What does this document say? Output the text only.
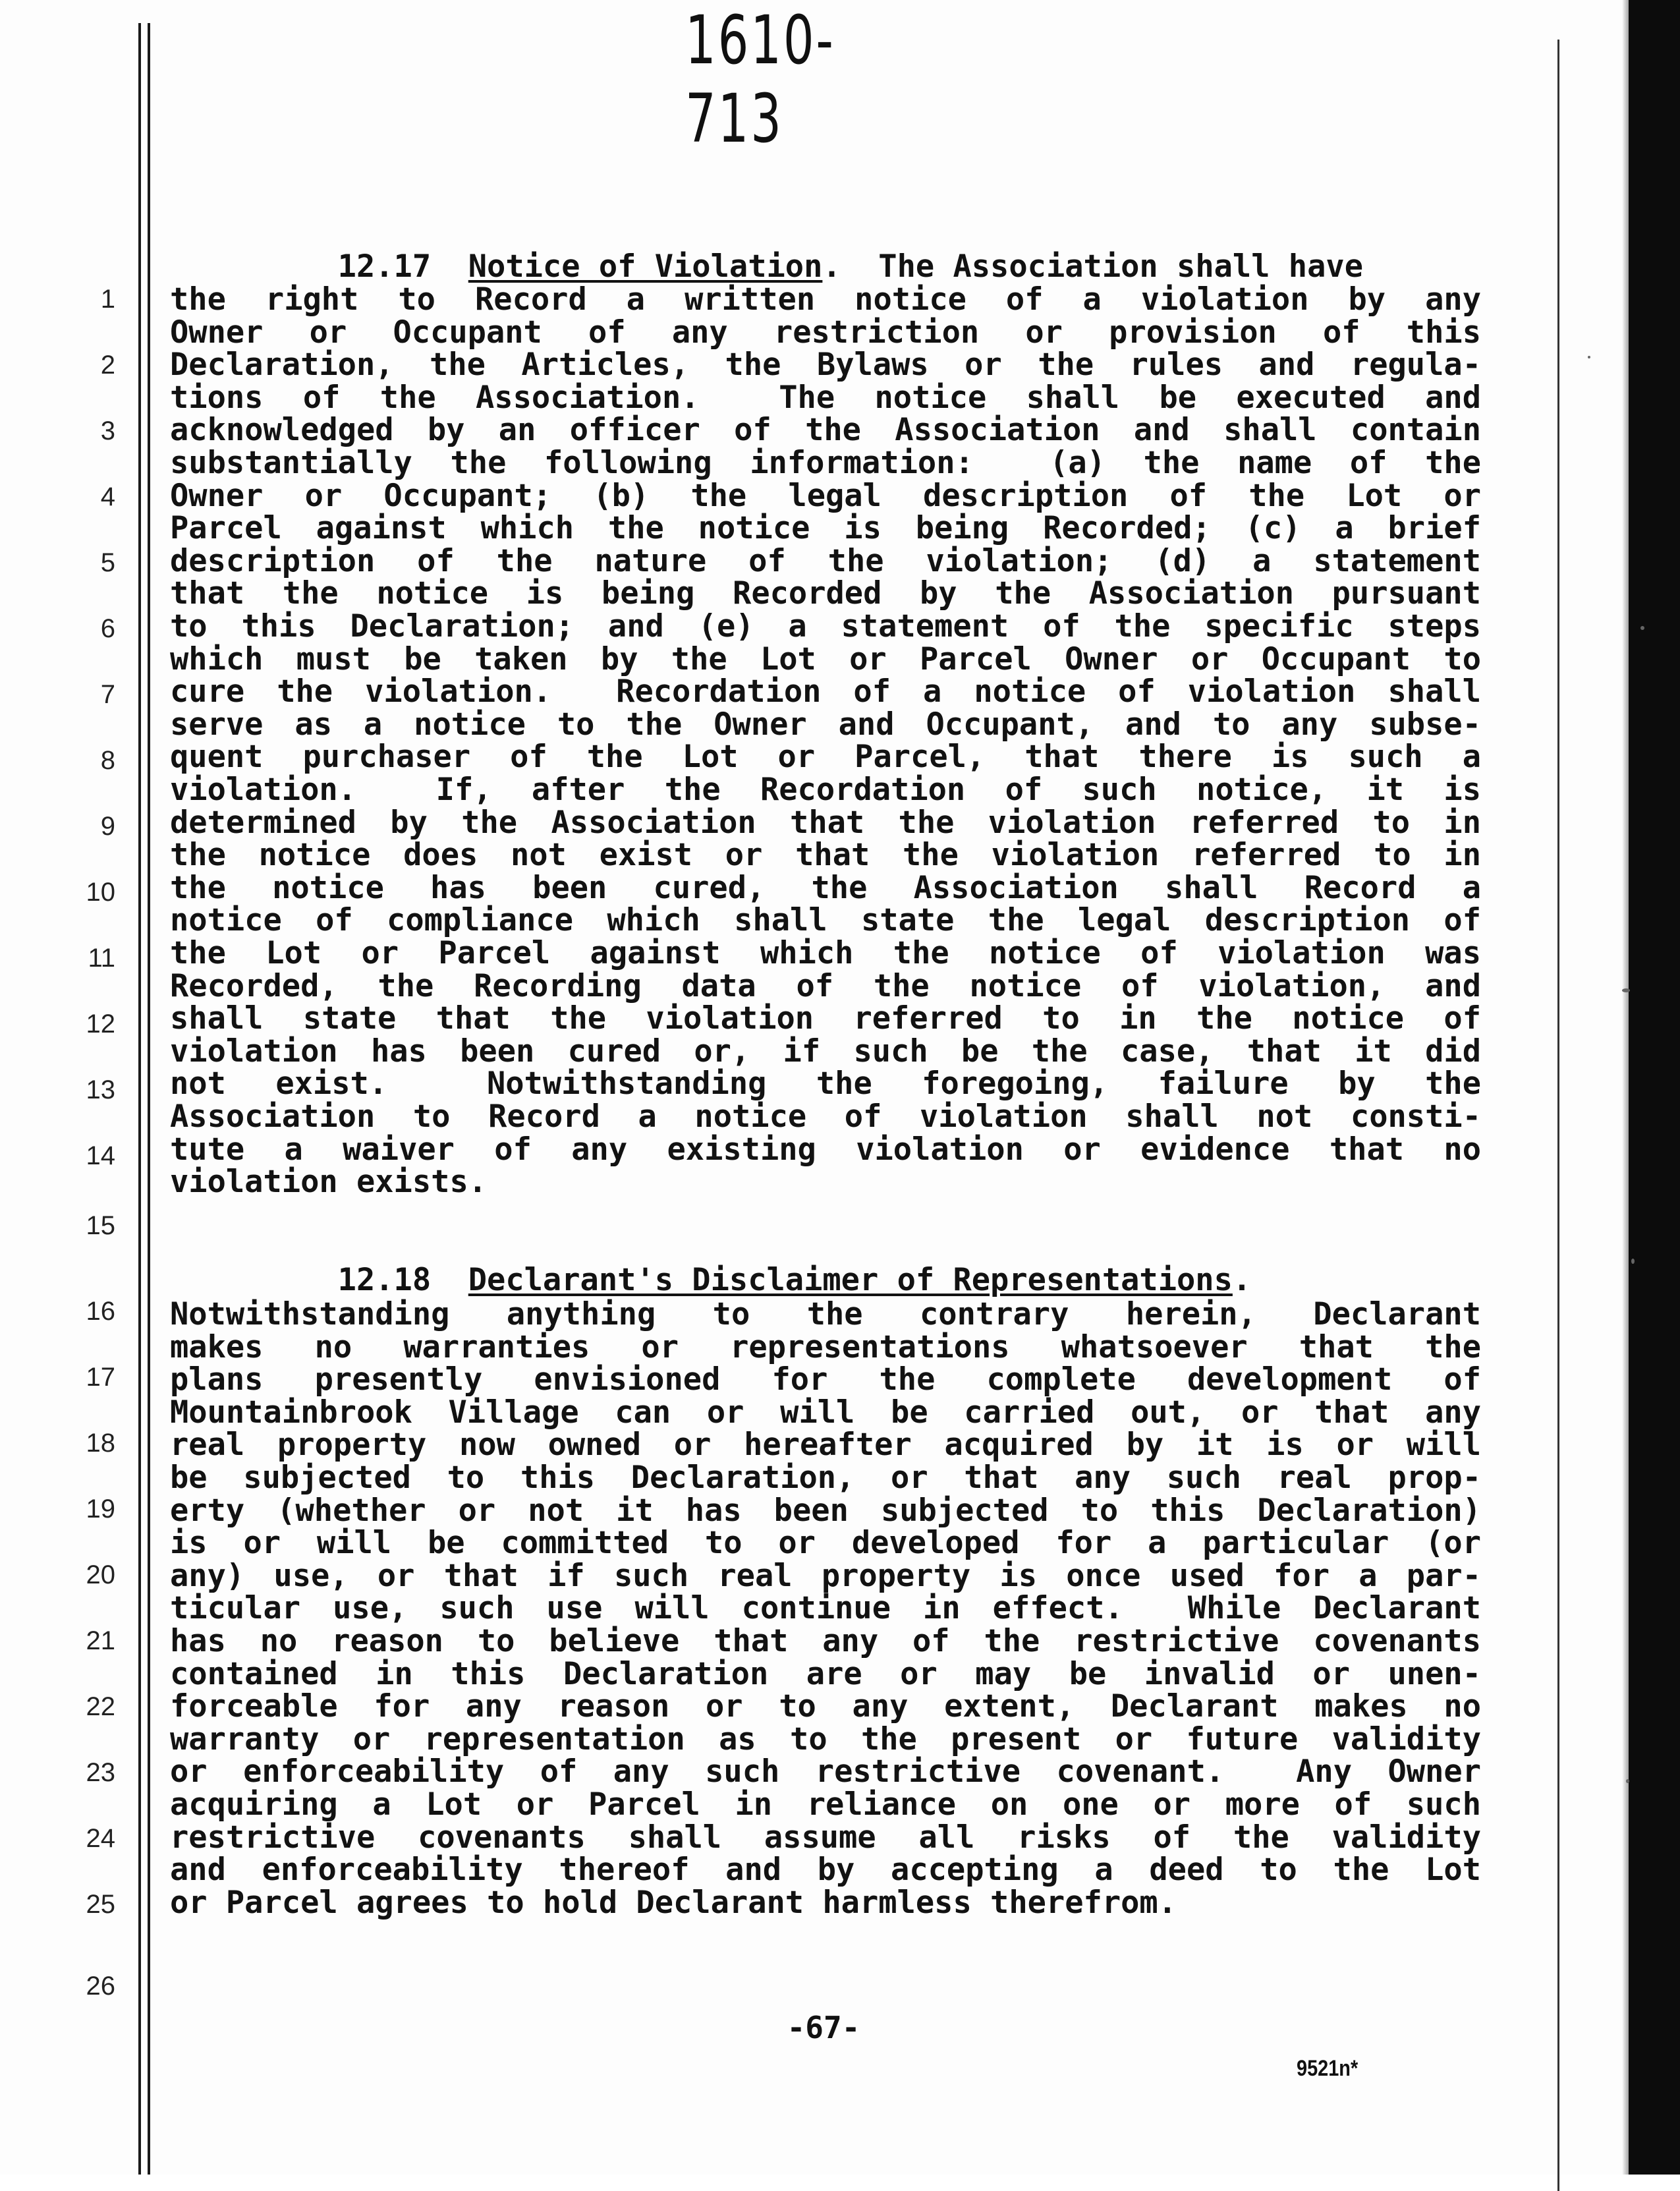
1610-713
1
2
3
4
5
6
7
8
9
10
11
12
13
14
15
16
17
18
19
20
21
22
23
24
25
26
12.17 Notice of Violation.  The Association shall have
the right to Record a written notice of a violation by any
Owner or Occupant of any restriction or provision of this
Declaration, the Articles, the Bylaws or the rules and regula-
tions of the Association.  The notice shall be executed and
acknowledged by an officer of the Association and shall contain
substantially the following information:  (a) the name of the
Owner or Occupant; (b) the legal description of the Lot or
Parcel against which the notice is being Recorded; (c) a brief
description of the nature of the violation; (d) a statement
that the notice is being Recorded by the Association pursuant
to this Declaration; and (e) a statement of the specific steps
which must be taken by the Lot or Parcel Owner or Occupant to
cure the violation.  Recordation of a notice of violation shall
serve as a notice to the Owner and Occupant, and to any subse-
quent purchaser of the Lot or Parcel, that there is such a
violation.  If, after the Recordation of such notice, it is
determined by the Association that the violation referred to in
the notice does not exist or that the violation referred to in
the notice has been cured, the Association shall Record a
notice of compliance which shall state the legal description of
the Lot or Parcel against which the notice of violation was
Recorded, the Recording data of the notice of violation, and
shall state that the violation referred to in the notice of
violation has been cured or, if such be the case, that it did
not exist.  Notwithstanding the foregoing, failure by the
Association to Record a notice of violation shall not consti-
tute a waiver of any existing violation or evidence that no
violation exists.
12.18 Declarant's Disclaimer of Representations.
Notwithstanding anything to the contrary herein, Declarant
makes no warranties or representations whatsoever that the
plans presently envisioned for the complete development of
Mountainbrook Village can or will be carried out, or that any
real property now owned or hereafter acquired by it is or will
be subjected to this Declaration, or that any such real prop-
erty (whether or not it has been subjected to this Declaration)
is or will be committed to or developed for a particular (or
any) use, or that if such real property is once used for a par-
ticular use, such use will continue in effect.  While Declarant
has no reason to believe that any of the restrictive covenants
contained in this Declaration are or may be invalid or unen-
forceable for any reason or to any extent, Declarant makes no
warranty or representation as to the present or future validity
or enforceability of any such restrictive covenant.  Any Owner
acquiring a Lot or Parcel in reliance on one or more of such
restrictive covenants shall assume all risks of the validity
and enforceability thereof and by accepting a deed to the Lot
or Parcel agrees to hold Declarant harmless therefrom.
-67-
9521n*
